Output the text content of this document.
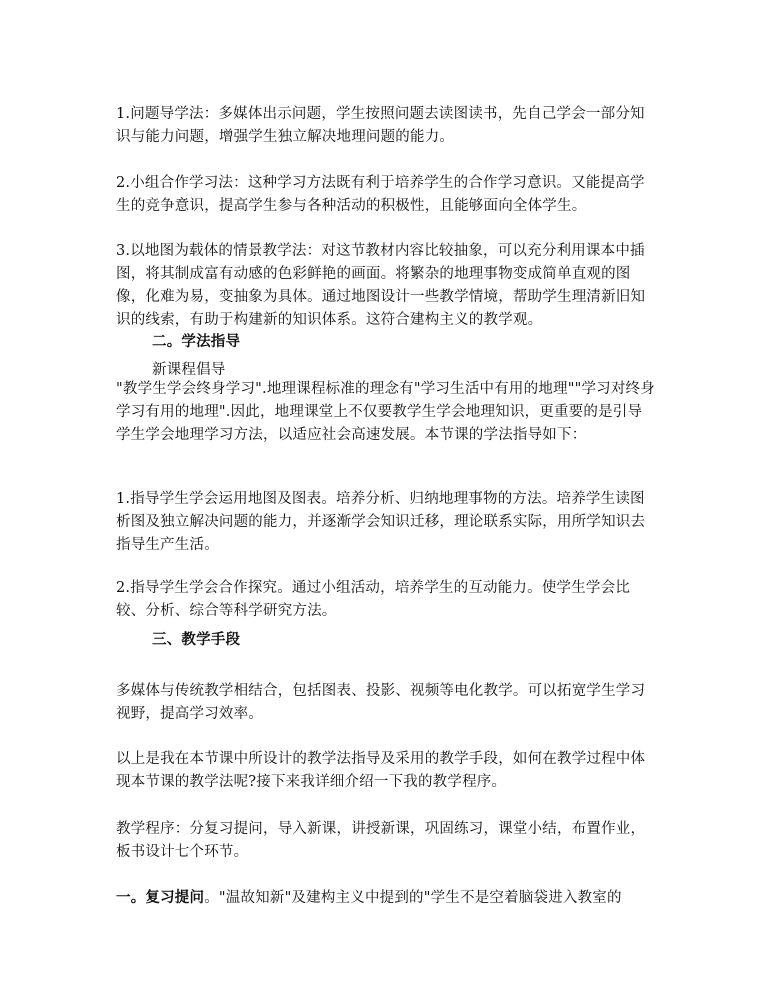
1.问题导学法：多媒体出示问题，学生按照问题去读图读书，先自己学会一部分知识与能力问题，增强学生独立解决地理问题的能力。

2.小组合作学习法：这种学习方法既有利于培养学生的合作学习意识。又能提高学生的竞争意识，提高学生参与各种活动的积极性，且能够面向全体学生。

3.以地图为载体的情景教学法：对这节教材内容比较抽象，可以充分利用课本中插图，将其制成富有动感的色彩鲜艳的画面。将繁杂的地理事物变成简单直观的图像，化难为易，变抽象为具体。通过地图设计一些教学情境，帮助学生理清新旧知识的线索，有助于构建新的知识体系。这符合建构主义的教学观。

二。学法指导

新课程倡导

"教学生学会终身学习".地理课程标准的理念有"学习生活中有用的地理""学习对终身学习有用的地理".因此，地理课堂上不仅要教学生学会地理知识，更重要的是引导学生学会地理学习方法，以适应社会高速发展。本节课的学法指导如下：

1.指导学生学会运用地图及图表。培养分析、归纳地理事物的方法。培养学生读图析图及独立解决问题的能力，并逐渐学会知识迁移，理论联系实际，用所学知识去指导生产生活。

2.指导学生学会合作探究。通过小组活动，培养学生的互动能力。使学生学会比较、分析、综合等科学研究方法。

三、教学手段

多媒体与传统教学相结合，包括图表、投影、视频等电化教学。可以拓宽学生学习视野，提高学习效率。

以上是我在本节课中所设计的教学法指导及采用的教学手段，如何在教学过程中体现本节课的教学法呢?接下来我详细介绍一下我的教学程序。

教学程序：分复习提问，导入新课，讲授新课，巩固练习，课堂小结，布置作业，板书设计七个环节。

一。复习提问。"温故知新"及建构主义中提到的"学生不是空着脑袋进入教室的
